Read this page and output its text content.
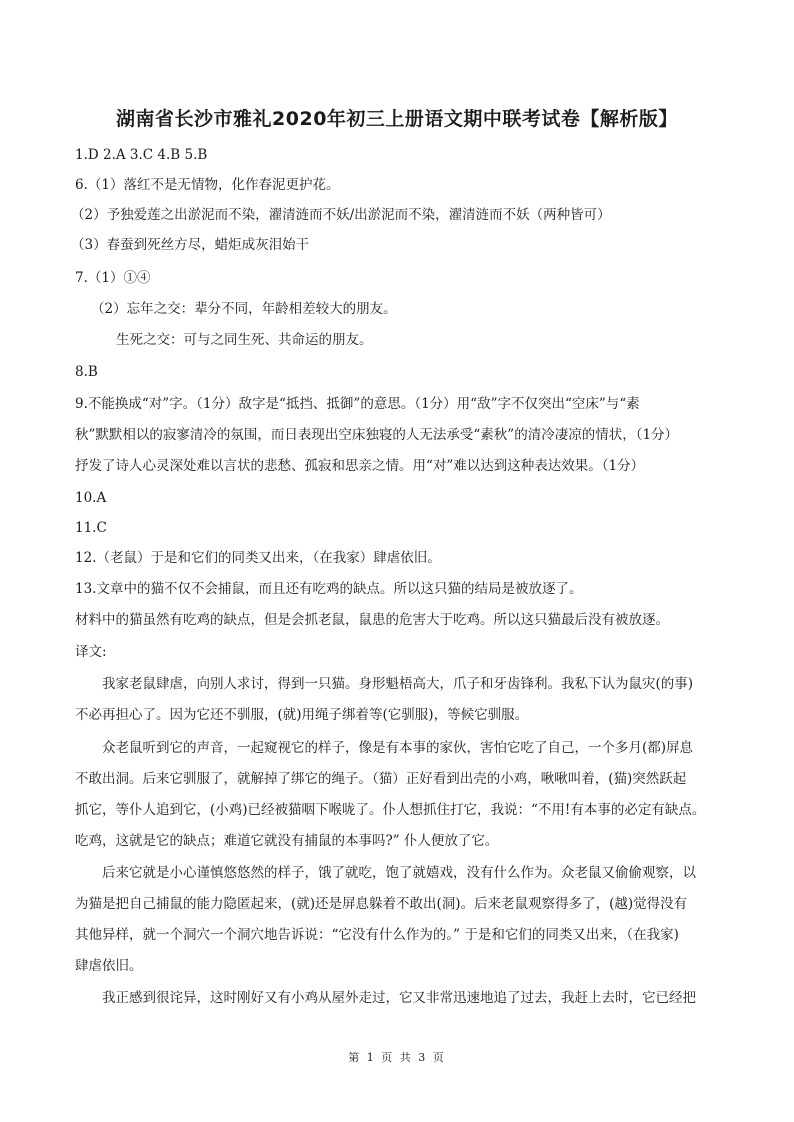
湖南省长沙市雅礼2020年初三上册语文期中联考试卷【解析版】
1.D 2.A 3.C 4.B 5.B
6.（1）落红不是无情物，化作春泥更护花。
（2）予独爱莲之出淤泥而不染，濯清涟而不妖/出淤泥而不染，濯清涟而不妖（两种皆可）
（3）春蚕到死丝方尽，蜡炬成灰泪始干
7.（1）①④
（2）忘年之交：辈分不同，年龄相差较大的朋友。
生死之交：可与之同生死、共命运的朋友。
8.B
9.不能换成“对”字。（1分）敌字是“抵挡、抵御”的意思。（1分）用“敌”字不仅突出“空床”与“素
秋”默默相以的寂寥清冷的氛围，而日表现出空床独寝的人无法承受“素秋”的清冷凄凉的情状，（1分）
抒发了诗人心灵深处难以言状的悲愁、孤寂和思亲之情。用“对”难以达到这种表达效果。（1分）
10.A
11.C
12.（老鼠）于是和它们的同类又出来，（在我家）肆虐依旧。
13.文章中的猫不仅不会捕鼠，而且还有吃鸡的缺点。所以这只猫的结局是被放逐了。
材料中的猫虽然有吃鸡的缺点，但是会抓老鼠，鼠患的危害大于吃鸡。所以这只猫最后没有被放逐。
译文:
我家老鼠肆虐，向别人求讨，得到一只猫。身形魁梧高大，爪子和牙齿锋利。我私下认为鼠灾(的事)
不必再担心了。因为它还不驯服，(就)用绳子绑着等(它驯服)，等候它驯服。
众老鼠听到它的声音，一起窥视它的样子，像是有本事的家伙，害怕它吃了自己，一个多月(都)屏息
不敢出洞。后来它驯服了，就解掉了绑它的绳子。（猫）正好看到出壳的小鸡，啾啾叫着，(猫)突然跃起
抓它，等仆人追到它，(小鸡)已经被猫咽下喉咙了。仆人想抓住打它，我说：“不用!有本事的必定有缺点。
吃鸡，这就是它的缺点；难道它就没有捕鼠的本事吗?” 仆人便放了它。
后来它就是小心谨慎悠悠然的样子，饿了就吃，饱了就嬉戏，没有什么作为。众老鼠又偷偷观察，以
为猫是把自己捕鼠的能力隐匿起来，(就)还是屏息躲着不敢出(洞)。后来老鼠观察得多了，(越)觉得没有
其他异样，就一个洞穴一个洞穴地告诉说：“它没有什么作为的。” 于是和它们的同类又出来，（在我家)
肆虐依旧。
我正感到很诧异，这时刚好又有小鸡从屋外走过，它又非常迅速地追了过去，我赶上去时，它已经把
第 1 页 共 3 页
